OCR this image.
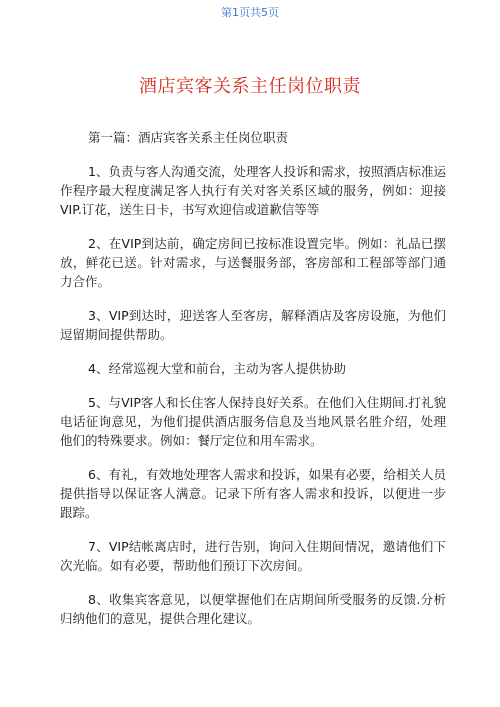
第1页共5页
酒店宾客关系主任岗位职责

第一篇：酒店宾客关系主任岗位职责

1、负责与客人沟通交流，处理客人投诉和需求，按照酒店标准运作程序最大程度满足客人执行有关对客关系区域的服务，例如：迎接VIP.订花，送生日卡，书写欢迎信或道歉信等等

2、在VIP到达前，确定房间已按标准设置完毕。例如：礼品已摆放，鲜花已送。针对需求，与送餐服务部，客房部和工程部等部门通力合作。

3、VIP到达时，迎送客人至客房，解释酒店及客房设施，为他们逗留期间提供帮助。

4、经常巡视大堂和前台，主动为客人提供协助

5、与VIP客人和长住客人保持良好关系。在他们入住期间.打礼貌电话征询意见，为他们提供酒店服务信息及当地风景名胜介绍，处理他们的特殊要求。例如：餐厅定位和用车需求。

6、有礼，有效地处理客人需求和投诉，如果有必要，给相关人员提供指导以保证客人满意。记录下所有客人需求和投诉，以便进一步跟踪。

7、VIP结帐离店时，进行告别，询问入住期间情况，邀请他们下次光临。如有必要，帮助他们预订下次房间。

8、收集宾客意见，以便掌握他们在店期间所受服务的反馈.分析归纳他们的意见，提供合理化建议。
